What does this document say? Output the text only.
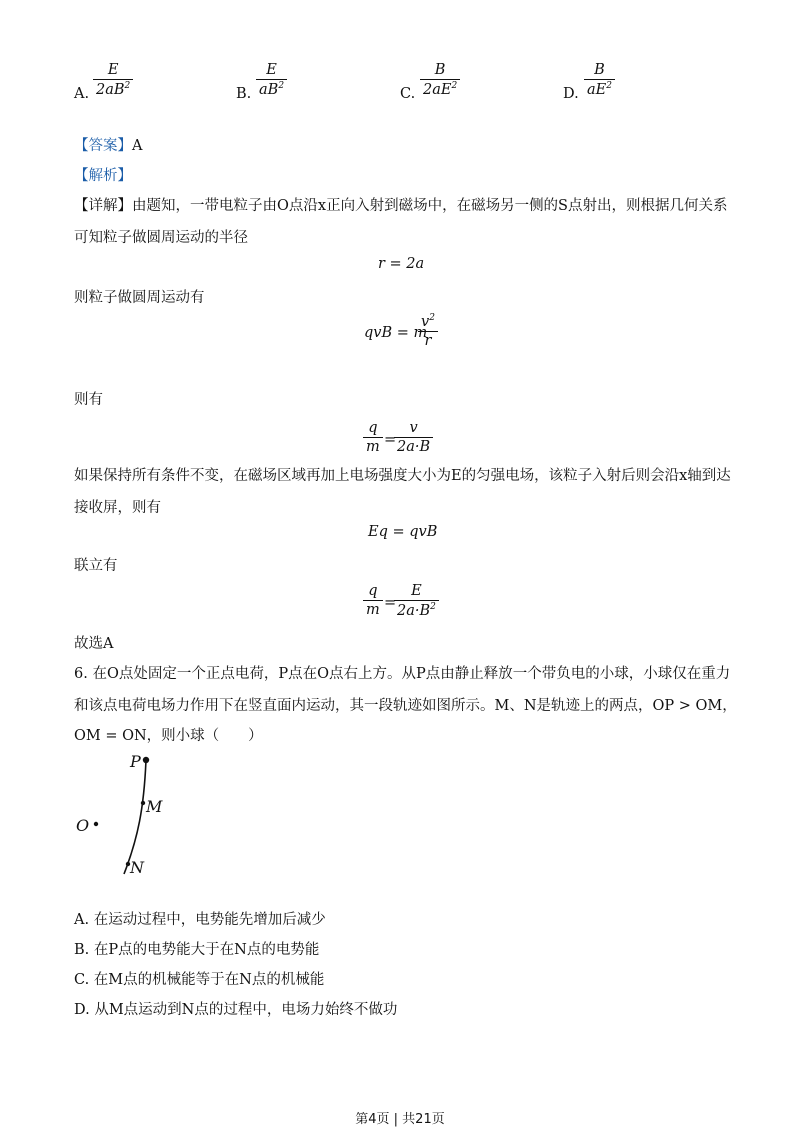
A.
E
$2aB^2$	B.
E
$aB^2$	C.
B
$2aE^2$	D.
B
$aE^2$
【答案】A
【解析】
【详解】由题知，一带电粒子由O点沿x正向入射到磁场中，在磁场另一侧的S点射出，则根据几何关系
可知粒子做圆周运动的半径
r = 2a
则粒子做圆周运动有
qvB = m
$v^2$
r
则有
q
m =
v
2a·B
如果保持所有条件不变，在磁场区域再加上电场强度大小为E的匀强电场，该粒子入射后则会沿x轴到达
接收屏，则有
Eq = qvB
联立有
q
m =
E
$2a\cdot B^2$
故选A
6. 在O点处固定一个正点电荷，P点在O点右上方。从P点由静止释放一个带负电的小球，小球仅在重力
和该点电荷电场力作用下在竖直面内运动，其一段轨迹如图所示。M、N是轨迹上的两点，OP > OM，
OM = ON，则小球（　　）
P
M
N
O
A. 在运动过程中，电势能先增加后减少
B. 在P点的电势能大于在N点的电势能
C. 在M点的机械能等于在N点的机械能
D. 从M点运动到N点的过程中，电场力始终不做功
第4页 | 共21页
